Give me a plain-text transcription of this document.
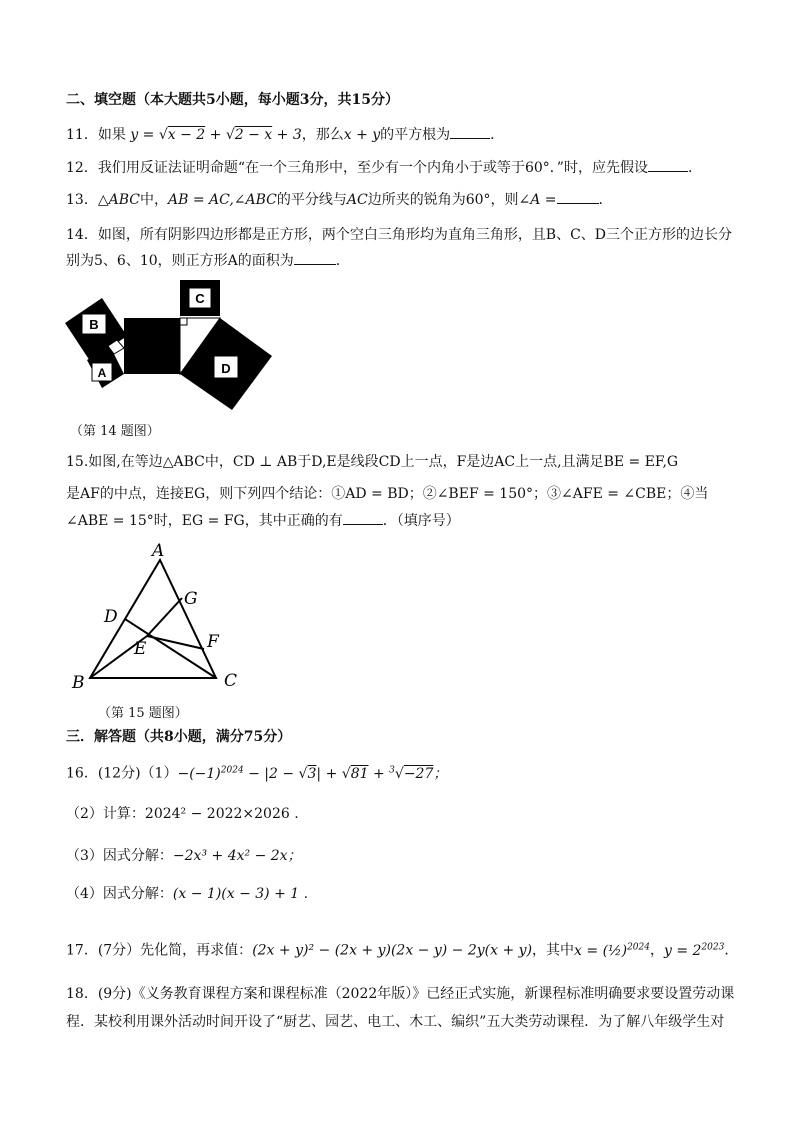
二、填空题（本大题共5小题，每小题3分，共15分）
11．如果 y = √x − 2 + √2 − x + 3，那么x + y的平方根为	．
12．我们用反证法证明命题“在一个三角形中，至少有一个内角小于或等于60°．”时，应先假设	．
13．△ABC中，AB = AC,∠ABC的平分线与AC边所夹的锐角为60°，则∠A =	．
14．如图，所有阴影四边形都是正方形，两个空白三角形均为直角三角形，且B、C、D三个正方形的边长分
别为5、6、10，则正方形A的面积为	．
B
A
C
D
（第 14 题图）
15.如图,在等边△ABC中，CD ⊥ AB于D,E是线段CD上一点，F是边AC上一点,且满足BE = EF,G
是AF的中点，连接EG，则下列四个结论：①AD = BD；②∠BEF = 150°；③∠AFE = ∠CBE；④当
∠ABE = 15°时，EG = FG，其中正确的有	．（填序号）
A
B	C
D
E	F
G
（第 15 题图）
三．解答题（共8小题，满分75分）
16．(12分)$(1)-(-1)^{2024} - |2 - √3| + √81 + ^3√-27$；
（2）计算：2024² − 2022×2026 .
（3）因式分解：−2x³ + 4x² − 2x；
（4）因式分解：(x − 1)(x − 3) + 1 .
17．(7分）先化简，再求值：(2x + y)² − (2x + y)(2x − y) − 2y(x + y)，其中x = (½)$^{2024}$，$y = 2^{2023}$．
18．(9分)《义务教育课程方案和课程标准（2022年版）》已经正式实施，新课程标准明确要求要设置劳动课
程．某校利用课外活动时间开设了“厨艺、园艺、电工、木工、编织”五大类劳动课程．为了解八年级学生对
